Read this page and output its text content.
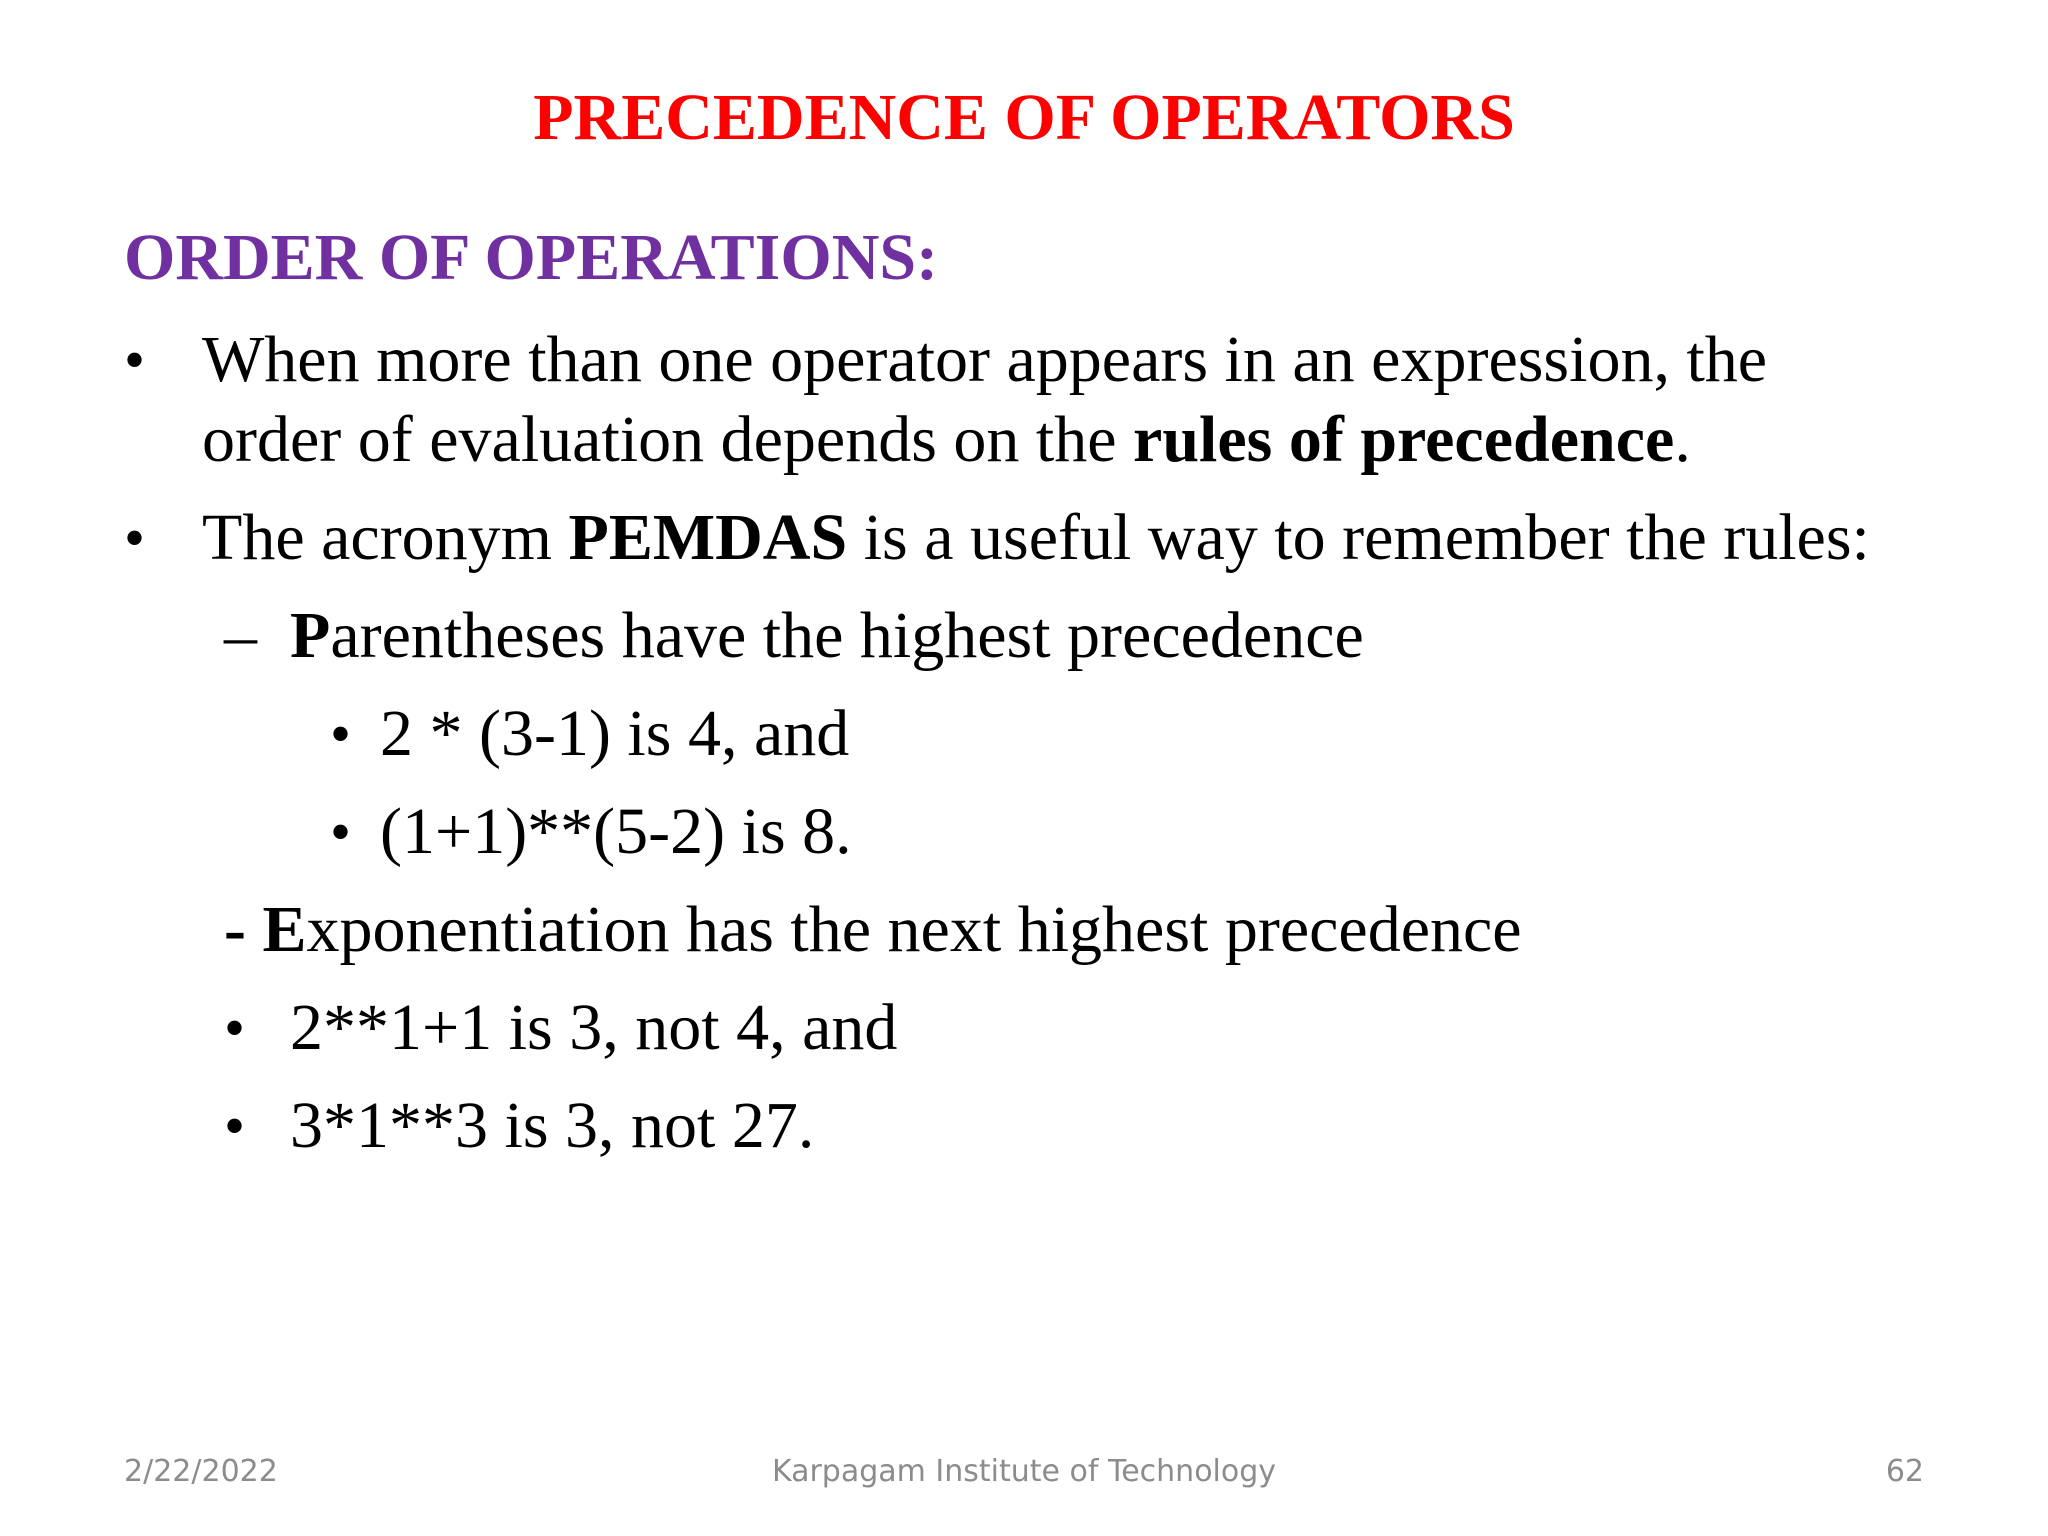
PRECEDENCE OF OPERATORS
ORDER OF OPERATIONS:
• When more than one operator appears in an expression, the
order of evaluation depends on the rules of precedence.
• The acronym PEMDAS is a useful way to remember the rules:
– Parentheses have the highest precedence
• 2 * (3-1) is 4, and
• (1+1)**(5-2) is 8.
- Exponentiation has the next highest precedence
• 2**1+1 is 3, not 4, and
• 3*1**3 is 3, not 27.
2/22/2022	Karpagam Institute of Technology	62
